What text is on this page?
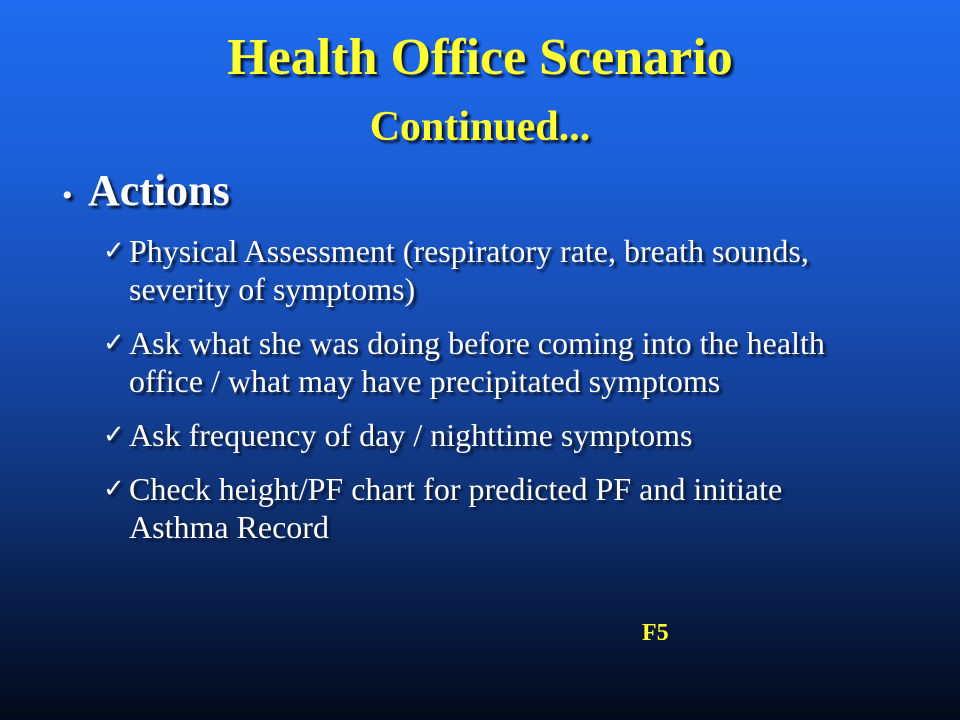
Health Office Scenario
Continued...
• Actions
✓ Physical Assessment (respiratory rate, breath sounds, severity of symptoms)
✓ Ask what she was doing before coming into the health office / what may have precipitated symptoms
✓ Ask frequency of day / nighttime symptoms
✓ Check height/PF chart for predicted PF and initiate Asthma Record
F5
